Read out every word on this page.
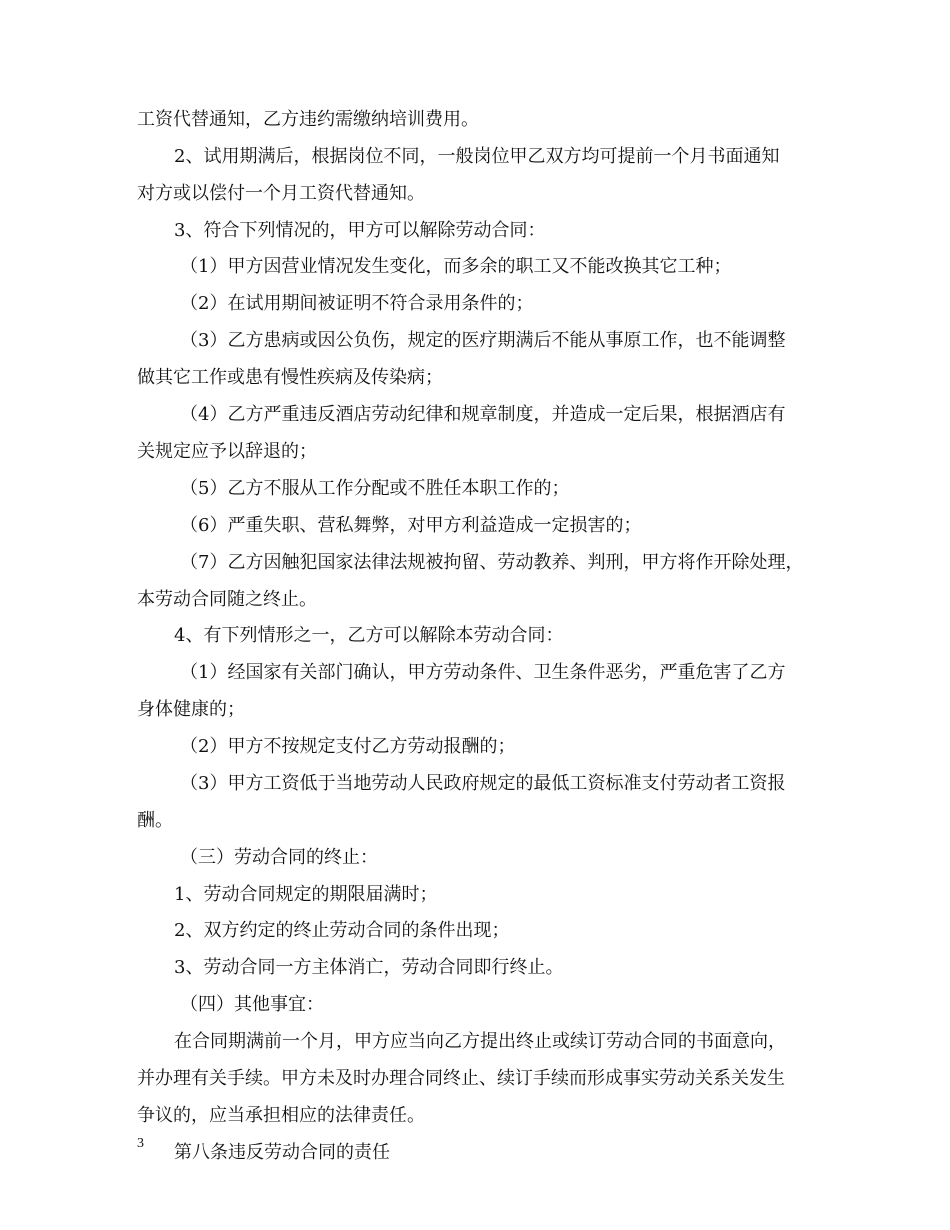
工资代替通知，乙方违约需缴纳培训费用。
2、试用期满后，根据岗位不同，一般岗位甲乙双方均可提前一个月书面通知
对方或以偿付一个月工资代替通知。
3、符合下列情况的，甲方可以解除劳动合同：
（1）甲方因营业情况发生变化，而多余的职工又不能改换其它工种；
（2）在试用期间被证明不符合录用条件的；
（3）乙方患病或因公负伤，规定的医疗期满后不能从事原工作，也不能调整
做其它工作或患有慢性疾病及传染病；
（4）乙方严重违反酒店劳动纪律和规章制度，并造成一定后果，根据酒店有
关规定应予以辞退的；
（5）乙方不服从工作分配或不胜任本职工作的；
（6）严重失职、营私舞弊，对甲方利益造成一定损害的；
（7）乙方因触犯国家法律法规被拘留、劳动教养、判刑，甲方将作开除处理，
本劳动合同随之终止。
4、有下列情形之一，乙方可以解除本劳动合同：
（1）经国家有关部门确认，甲方劳动条件、卫生条件恶劣，严重危害了乙方
身体健康的；
（2）甲方不按规定支付乙方劳动报酬的；
（3）甲方工资低于当地劳动人民政府规定的最低工资标准支付劳动者工资报
酬。
（三）劳动合同的终止：
1、劳动合同规定的期限届满时；
2、双方约定的终止劳动合同的条件出现；
3、劳动合同一方主体消亡，劳动合同即行终止。
（四）其他事宜：
在合同期满前一个月，甲方应当向乙方提出终止或续订劳动合同的书面意向，
并办理有关手续。甲方未及时办理合同终止、续订手续而形成事实劳动关系关发生
争议的，应当承担相应的法律责任。
第八条违反劳动合同的责任
3
